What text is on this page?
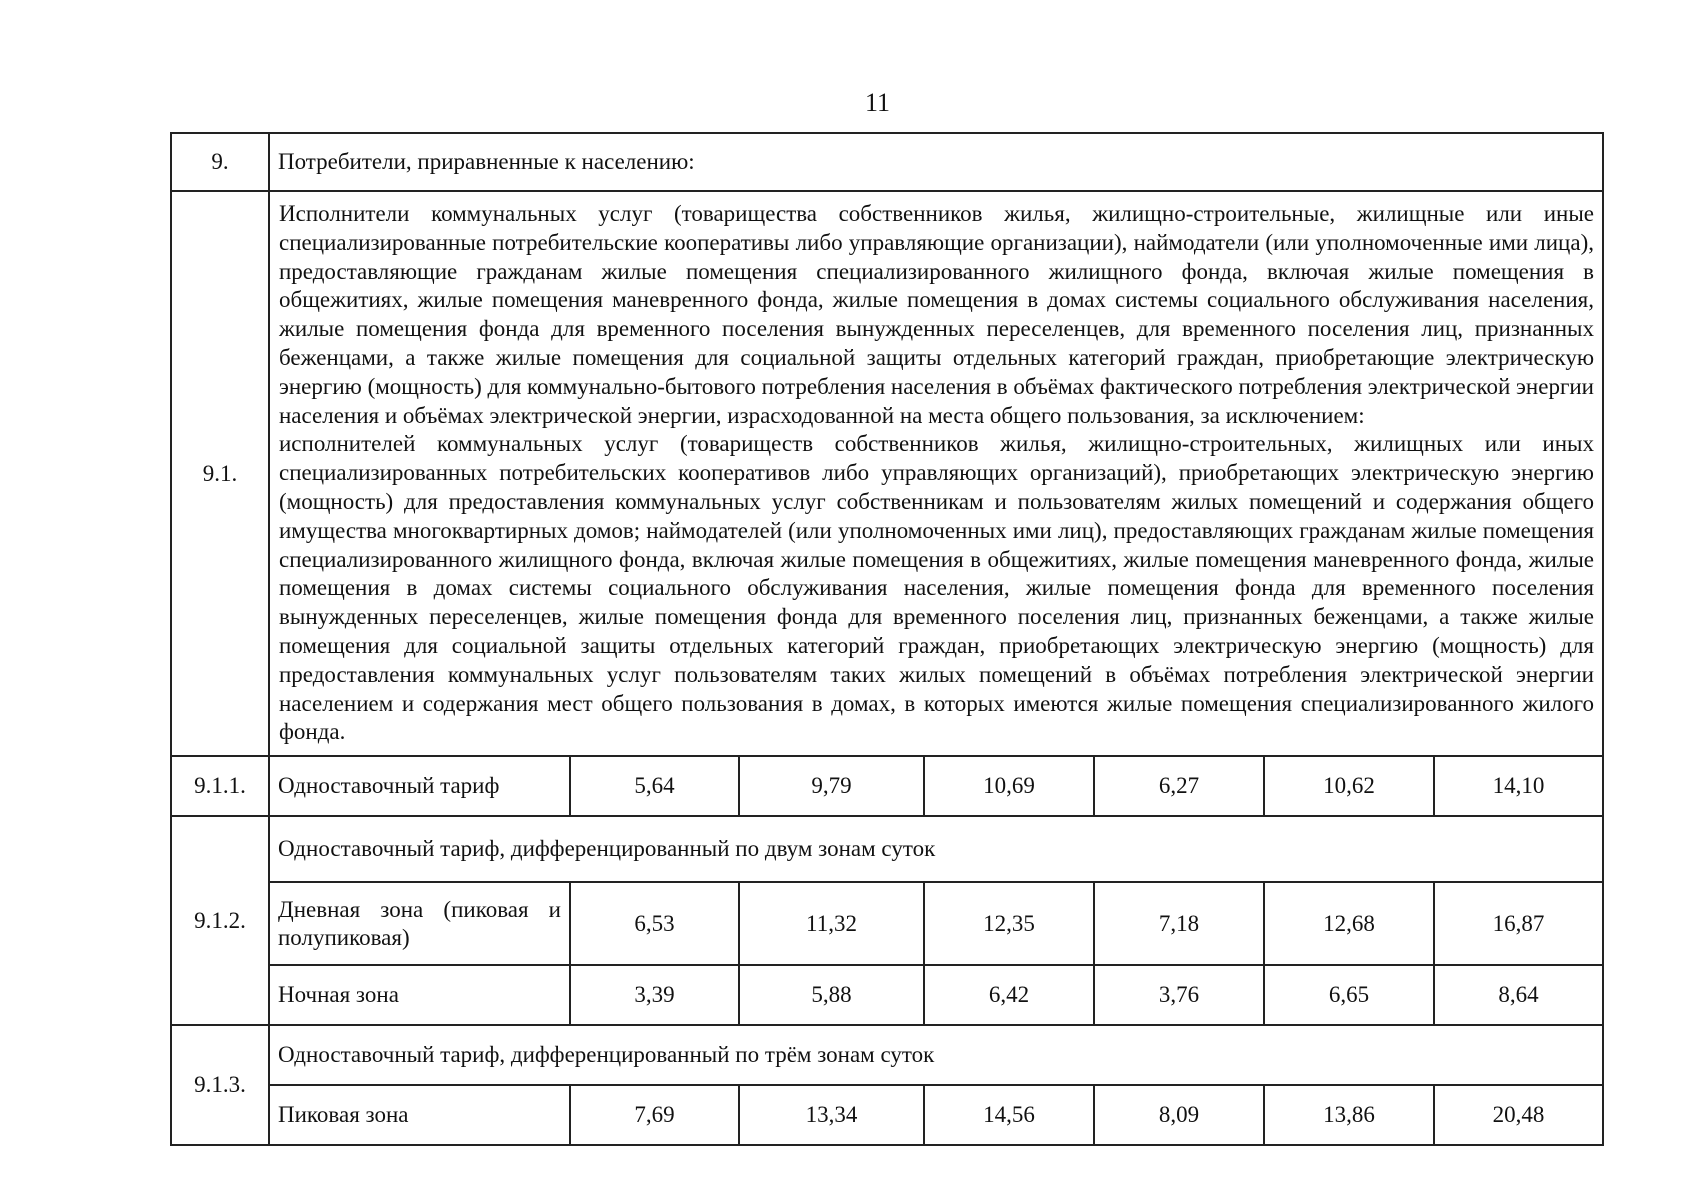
11
9.	Потребители, приравненные к населению:						
9.1.	Исполнители коммунальных услуг (товарищества собственников жилья, жилищно-строительные, жилищные или иные специализированные потребительские кооперативы либо управляющие организации), наймодатели (или уполномоченные ими лица), предоставляющие гражданам жилые помещения специализированного жилищного фонда, включая жилые помещения в общежитиях, жилые помещения маневренного фонда, жилые помещения в домах системы социального обслуживания населения, жилые помещения фонда для временного поселения вынужденных переселенцев, для временного поселения лиц, признанных беженцами, а также жилые помещения для социальной защиты отдельных категорий граждан, приобретающие электрическую энергию (мощность) для коммунально-бытового потребления населения в объёмах фактического потребления электрической энергии населения и объёмах электрической энергии, израсходованной на места общего пользования, за исключением:

исполнителей коммунальных услуг (товариществ собственников жилья, жилищно-строительных, жилищных или иных специализированных потребительских кооперативов либо управляющих организаций), приобретающих электрическую энергию (мощность) для предоставления коммунальных услуг собственникам и пользователям жилых помещений и содержания общего имущества многоквартирных домов; наймодателей (или уполномоченных ими лиц), предоставляющих гражданам жилые помещения специализированного жилищного фонда, включая жилые помещения в общежитиях, жилые помещения маневренного фонда, жилые помещения в домах системы социального обслуживания населения, жилые помещения фонда для временного поселения вынужденных переселенцев, жилые помещения фонда для временного поселения лиц, признанных беженцами, а также жилые помещения для социальной защиты отдельных категорий граждан, приобретающих электрическую энергию (мощность) для предоставления коммунальных услуг пользователям таких жилых помещений в объёмах потребления электрической энергии населением и содержания мест общего пользования в домах, в которых имеются жилые помещения специализированного жилого фонда.						

9.1.1.	Одноставочный тариф	5,64	9,79	10,69	6,27	10,62	14,10
9.1.2.	Одноставочный тариф, дифференцированный по двум зонам суток						
	Дневная зона (пиковая и полупиковая)	6,53	11,32	12,35	7,18	12,68	16,87
	Ночная зона	3,39	5,88	6,42	3,76	6,65	8,64
9.1.3.	Одноставочный тариф, дифференцированный по трём зонам суток						
	Пиковая зона	7,69	13,34	14,56	8,09	13,86	20,48
